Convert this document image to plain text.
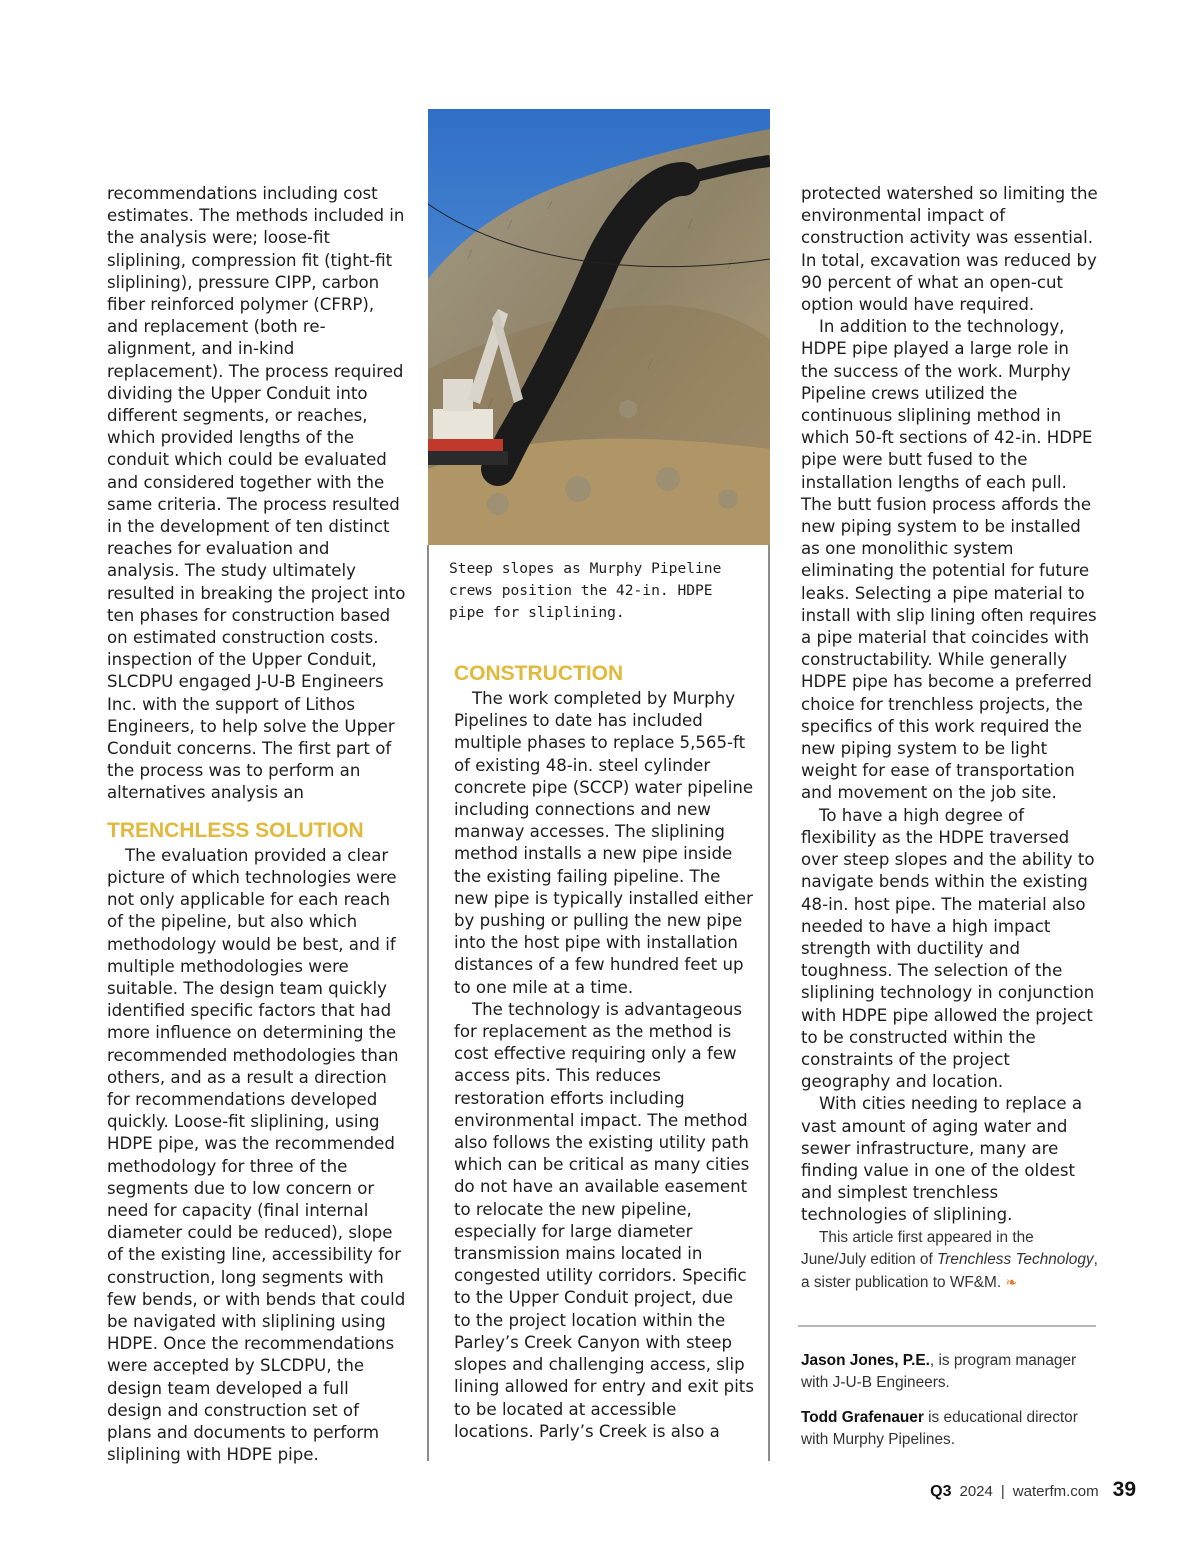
recommendations including cost estimates. The methods included in the analysis were; loose-fit sliplining, compression fit (tight-fit sliplining), pressure CIPP, carbon fiber reinforced polymer (CFRP), and replacement (both re-alignment, and in-kind replacement). The process required dividing the Upper Conduit into different segments, or reaches, which provided lengths of the conduit which could be evaluated and considered together with the same criteria. The process resulted in the development of ten distinct reaches for evaluation and analysis. The study ultimately resulted in breaking the project into ten phases for construction based on estimated construction costs. inspection of the Upper Conduit, SLCDPU engaged J-U-B Engineers Inc. with the support of Lithos Engineers, to help solve the Upper Conduit concerns. The first part of the process was to perform an alternatives analysis an

TRENCHLESS SOLUTION

The evaluation provided a clear picture of which technologies were not only applicable for each reach of the pipeline, but also which methodology would be best, and if multiple methodologies were suitable. The design team quickly identified specific factors that had more influence on determining the recommended methodologies than others, and as a result a direction for recommendations developed quickly. Loose-fit sliplining, using HDPE pipe, was the recommended methodology for three of the segments due to low concern or need for capacity (final internal diameter could be reduced), slope of the existing line, accessibility for construction, long segments with few bends, or with bends that could be navigated with sliplining using HDPE. Once the recommendations were accepted by SLCDPU, the design team developed a full design and construction set of plans and documents to perform sliplining with HDPE pipe.

Steep slopes as Murphy Pipeline crews position the 42-in. HDPE pipe for sliplining.
CONSTRUCTION

The work completed by Murphy Pipelines to date has included multiple phases to replace 5,565-ft of existing 48-in. steel cylinder concrete pipe (SCCP) water pipeline including connections and new manway accesses. The sliplining method installs a new pipe inside the existing failing pipeline. The new pipe is typically installed either by pushing or pulling the new pipe into the host pipe with installation distances of a few hundred feet up to one mile at a time.

The technology is advantageous for replacement as the method is cost effective requiring only a few access pits. This reduces restoration efforts including environmental impact. The method also follows the existing utility path which can be critical as many cities do not have an available easement to relocate the new pipeline, especially for large diameter transmission mains located in congested utility corridors. Specific to the Upper Conduit project, due to the project location within the Parley’s Creek Canyon with steep slopes and challenging access, slip lining allowed for entry and exit pits to be located at accessible locations. Parly’s Creek is also a

protected watershed so limiting the environmental impact of construction activity was essential. In total, excavation was reduced by 90 percent of what an open-cut option would have required.

In addition to the technology, HDPE pipe played a large role in the success of the work. Murphy Pipeline crews utilized the continuous sliplining method in which 50-ft sections of 42-in. HDPE pipe were butt fused to the installation lengths of each pull. The butt fusion process affords the new piping system to be installed as one monolithic system eliminating the potential for future leaks. Selecting a pipe material to install with slip lining often requires a pipe material that coincides with constructability. While generally HDPE pipe has become a preferred choice for trenchless projects, the specifics of this work required the new piping system to be light weight for ease of transportation and movement on the job site.

To have a high degree of flexibility as the HDPE traversed over steep slopes and the ability to navigate bends within the existing 48-in. host pipe. The material also needed to have a high impact strength with ductility and toughness. The selection of the sliplining technology in conjunction with HDPE pipe allowed the project to be constructed within the constraints of the project geography and location.

With cities needing to replace a vast amount of aging water and sewer infrastructure, many are finding value in one of the oldest and simplest trenchless technologies of sliplining.

This article first appeared in the June/July edition of Trenchless Technology, a sister publication to WF&M. ❧

Jason Jones, P.E., is program manager with J-U-B Engineers.

Todd Grafenauer is educational director with Murphy Pipelines.

Q3 2024 | waterfm.com 39
